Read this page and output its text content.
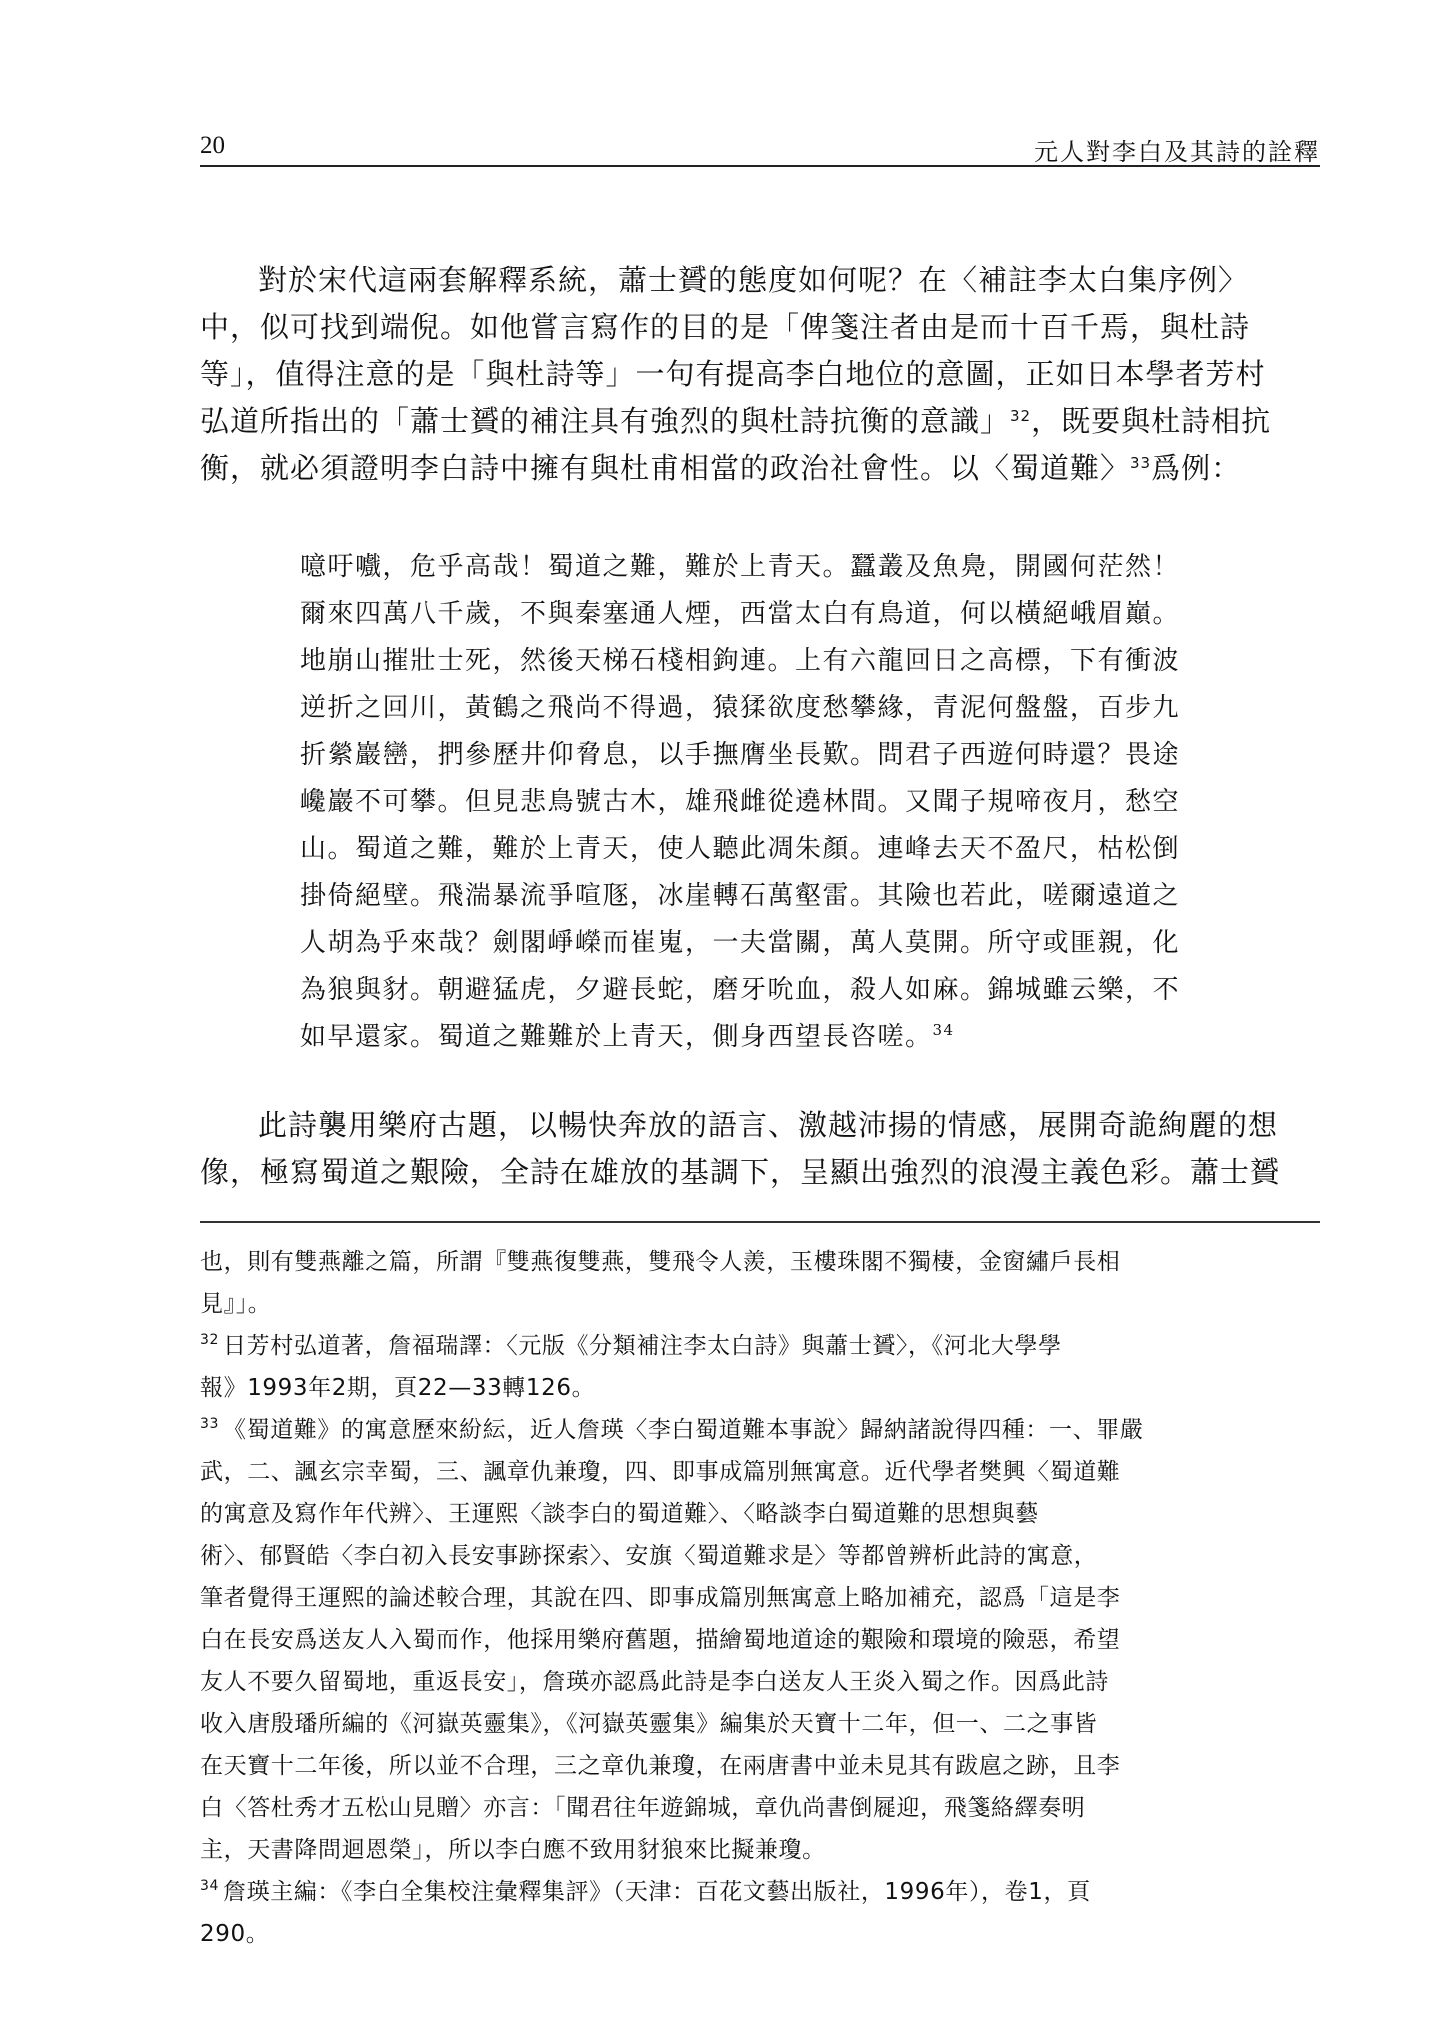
20	元人對李白及其詩的詮釋
對於宋代這兩套解釋系統，蕭士贇的態度如何呢？在〈補註李太白集序例〉
中，似可找到端倪。如他嘗言寫作的目的是「俾箋注者由是而十百千焉，與杜詩
等」，值得注意的是「與杜詩等」一句有提高李白地位的意圖，正如日本學者芳村
弘道所指出的「蕭士贇的補注具有強烈的與杜詩抗衡的意識」$^{32}$，既要與杜詩相抗
衡，就必須證明李白詩中擁有與杜甫相當的政治社會性。以〈蜀道難〉$^{33}$爲例：
噫吁嚱，危乎高哉！蜀道之難，難於上青天。蠶叢及魚鳧，開國何茫然！
爾來四萬八千歲，不與秦塞通人煙，西當太白有鳥道，何以橫絕峨眉巔。
地崩山摧壯士死，然後天梯石棧相鉤連。上有六龍回日之高標，下有衝波
逆折之回川，黃鶴之飛尚不得過，猿猱欲度愁攀緣，青泥何盤盤，百步九
折縈巖巒，捫參歷井仰脅息，以手撫膺坐長歎。問君子西遊何時還？畏途
巉巖不可攀。但見悲鳥號古木，雄飛雌從遶林間。又聞子規啼夜月，愁空
山。蜀道之難，難於上青天，使人聽此凋朱顏。連峰去天不盈尺，枯松倒
掛倚絕壁。飛湍暴流爭喧豗，冰崖轉石萬壑雷。其險也若此，嗟爾遠道之
人胡為乎來哉？劍閣崢嶸而崔嵬，一夫當關，萬人莫開。所守或匪親，化
為狼與豺。朝避猛虎，夕避長蛇，磨牙吮血，殺人如麻。錦城雖云樂，不
如早還家。蜀道之難難於上青天，側身西望長咨嗟。$^{34}$
此詩襲用樂府古題，以暢快奔放的語言、激越沛揚的情感，展開奇詭絢麗的想
像，極寫蜀道之艱險，全詩在雄放的基調下，呈顯出強烈的浪漫主義色彩。蕭士贇
也，則有雙燕離之篇，所謂『雙燕復雙燕，雙飛令人羨，玉樓珠閣不獨棲，金窗繡戶長相
見』」。
$^{32}$ 日芳村弘道著，詹福瑞譯：〈元版《分類補注李太白詩》與蕭士贇〉，《河北大學學
報》1993年2期，頁22—33轉126。
$^{33}$ 《蜀道難》的寓意歷來紛紜，近人詹瑛〈李白蜀道難本事說〉歸納諸說得四種：一、罪嚴
武，二、諷玄宗幸蜀，三、諷章仇兼瓊，四、即事成篇別無寓意。近代學者樊興〈蜀道難
的寓意及寫作年代辨〉、王運熙〈談李白的蜀道難〉、〈略談李白蜀道難的思想與藝
術〉、郁賢皓〈李白初入長安事跡探索〉、安旗〈蜀道難求是〉等都曾辨析此詩的寓意，
筆者覺得王運熙的論述較合理，其說在四、即事成篇別無寓意上略加補充，認爲「這是李
白在長安爲送友人入蜀而作，他採用樂府舊題，描繪蜀地道途的艱險和環境的險惡，希望
友人不要久留蜀地，重返長安」，詹瑛亦認爲此詩是李白送友人王炎入蜀之作。因爲此詩
收入唐殷璠所編的《河嶽英靈集》，《河嶽英靈集》編集於天寶十二年，但一、二之事皆
在天寶十二年後，所以並不合理，三之章仇兼瓊，在兩唐書中並未見其有跋扈之跡，且李
白〈答杜秀才五松山見贈〉亦言：「聞君往年遊錦城，章仇尚書倒屣迎，飛箋絡繹奏明
主，天書降問迴恩榮」，所以李白應不致用豺狼來比擬兼瓊。
$^{34}$ 詹瑛主編：《李白全集校注彙釋集評》（天津：百花文藝出版社，1996年），卷1，頁
290。
